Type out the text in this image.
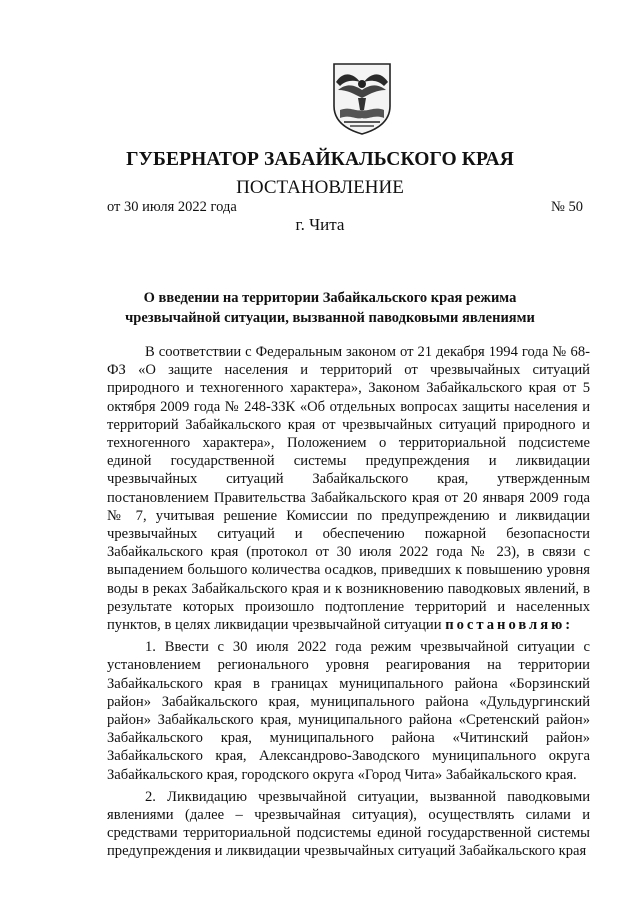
ГУБЕРНАТОР ЗАБАЙКАЛЬСКОГО КРАЯ
ПОСТАНОВЛЕНИЕ
от 30 июля 2022 года	№ 50
г. Чита
О введении на территории Забайкальского края режима
чрезвычайной ситуации, вызванной паводковыми явлениями

В соответствии с Федеральным законом от 21 декабря 1994 года № 68-ФЗ «О защите населения и территорий от чрезвычайных ситуаций природного и техногенного характера», Законом Забайкальского края от 5 октября 2009 года № 248-ЗЗК «Об отдельных вопросах защиты населения и территорий Забайкальского края от чрезвычайных ситуаций природного и техногенного характера», Положением о территориальной подсистеме единой государственной системы предупреждения и ликвидации чрезвычайных ситуаций Забайкальского края, утвержденным постановлением Правительства Забайкальского края от 20 января 2009 года № 7, учитывая решение Комиссии по предупреждению и ликвидации чрезвычайных ситуаций и обеспечению пожарной безопасности Забайкальского края (протокол от 30 июля 2022 года № 23), в связи с выпадением большого количества осадков, приведших к повышению уровня воды в реках Забайкальского края и к возникновению паводковых явлений, в результате которых произошло подтопление территорий и населенных пунктов, в целях ликвидации чрезвычайной ситуации постановляю:

1. Ввести с 30 июля 2022 года режим чрезвычайной ситуации с установлением регионального уровня реагирования на территории Забайкальского края в границах муниципального района «Борзинский район» Забайкальского края, муниципального района «Дульдургинский район» Забайкальского края, муниципального района «Сретенский район» Забайкальского края, муниципального района «Читинский район» Забайкальского края, Александрово-Заводского муниципального округа Забайкальского края, городского округа «Город Чита» Забайкальского края.

2. Ликвидацию чрезвычайной ситуации, вызванной паводковыми явлениями (далее – чрезвычайная ситуация), осуществлять силами и средствами территориальной подсистемы единой государственной системы предупреждения и ликвидации чрезвычайных ситуаций Забайкальского края
